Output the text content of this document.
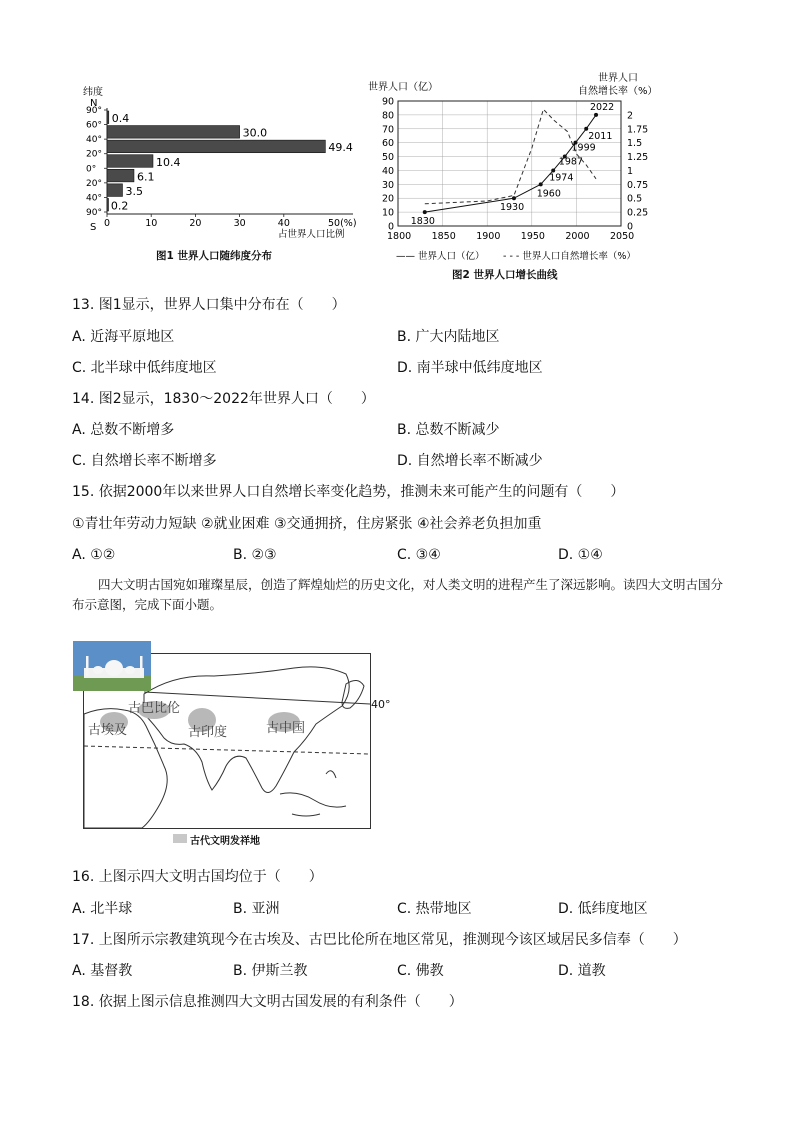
纬度
N
S
90°
60°
40°
20°
0°
20°
40°
90°
0.4
30.0
49.4
10.4
6.1
3.5
0.2
0	10	20	30	40	50(%)
占世界人口比例
图1 世界人口随纬度分布
世界人口（亿）
世界人口
自然增长率（%）
0
10
20
30
40
50
60
70
80
90
0
0.25
0.5
0.75
1
1.25
1.5
1.75
2
1800 1850 1900 1950 2000 2050
1830
1930
1960
1974
1987
1999
2011
2022
—— 世界人口（亿） - - - 世界人口自然增长率（%）
图2 世界人口增长曲线
13. 图1显示，世界人口集中分布在（　　）
A. 近海平原地区	B. 广大内陆地区
C. 北半球中低纬度地区	D. 南半球中低纬度地区
14. 图2显示，1830～2022年世界人口（　　）
A. 总数不断增多	B. 总数不断减少
C. 自然增长率不断增多	D. 自然增长率不断减少
15. 依据2000年以来世界人口自然增长率变化趋势，推测未来可能产生的问题有（　　）
①青壮年劳动力短缺 ②就业困难 ③交通拥挤，住房紧张 ④社会养老负担加重
A. ①②	B. ②③	C. ③④	D. ①④
四大文明古国宛如璀璨星辰，创造了辉煌灿烂的历史文化，对人类文明的进程产生了深远影响。读四大文明古国分布示意图，完成下面小题。
古巴比伦
古埃及	古印度	古中国
40°
古代文明发祥地
16. 上图示四大文明古国均位于（　　）
A. 北半球	B. 亚洲	C. 热带地区	D. 低纬度地区
17. 上图所示宗教建筑现今在古埃及、古巴比伦所在地区常见，推测现今该区域居民多信奉（　　）
A. 基督教	B. 伊斯兰教	C. 佛教	D. 道教
18. 依据上图示信息推测四大文明古国发展的有利条件（　　）
